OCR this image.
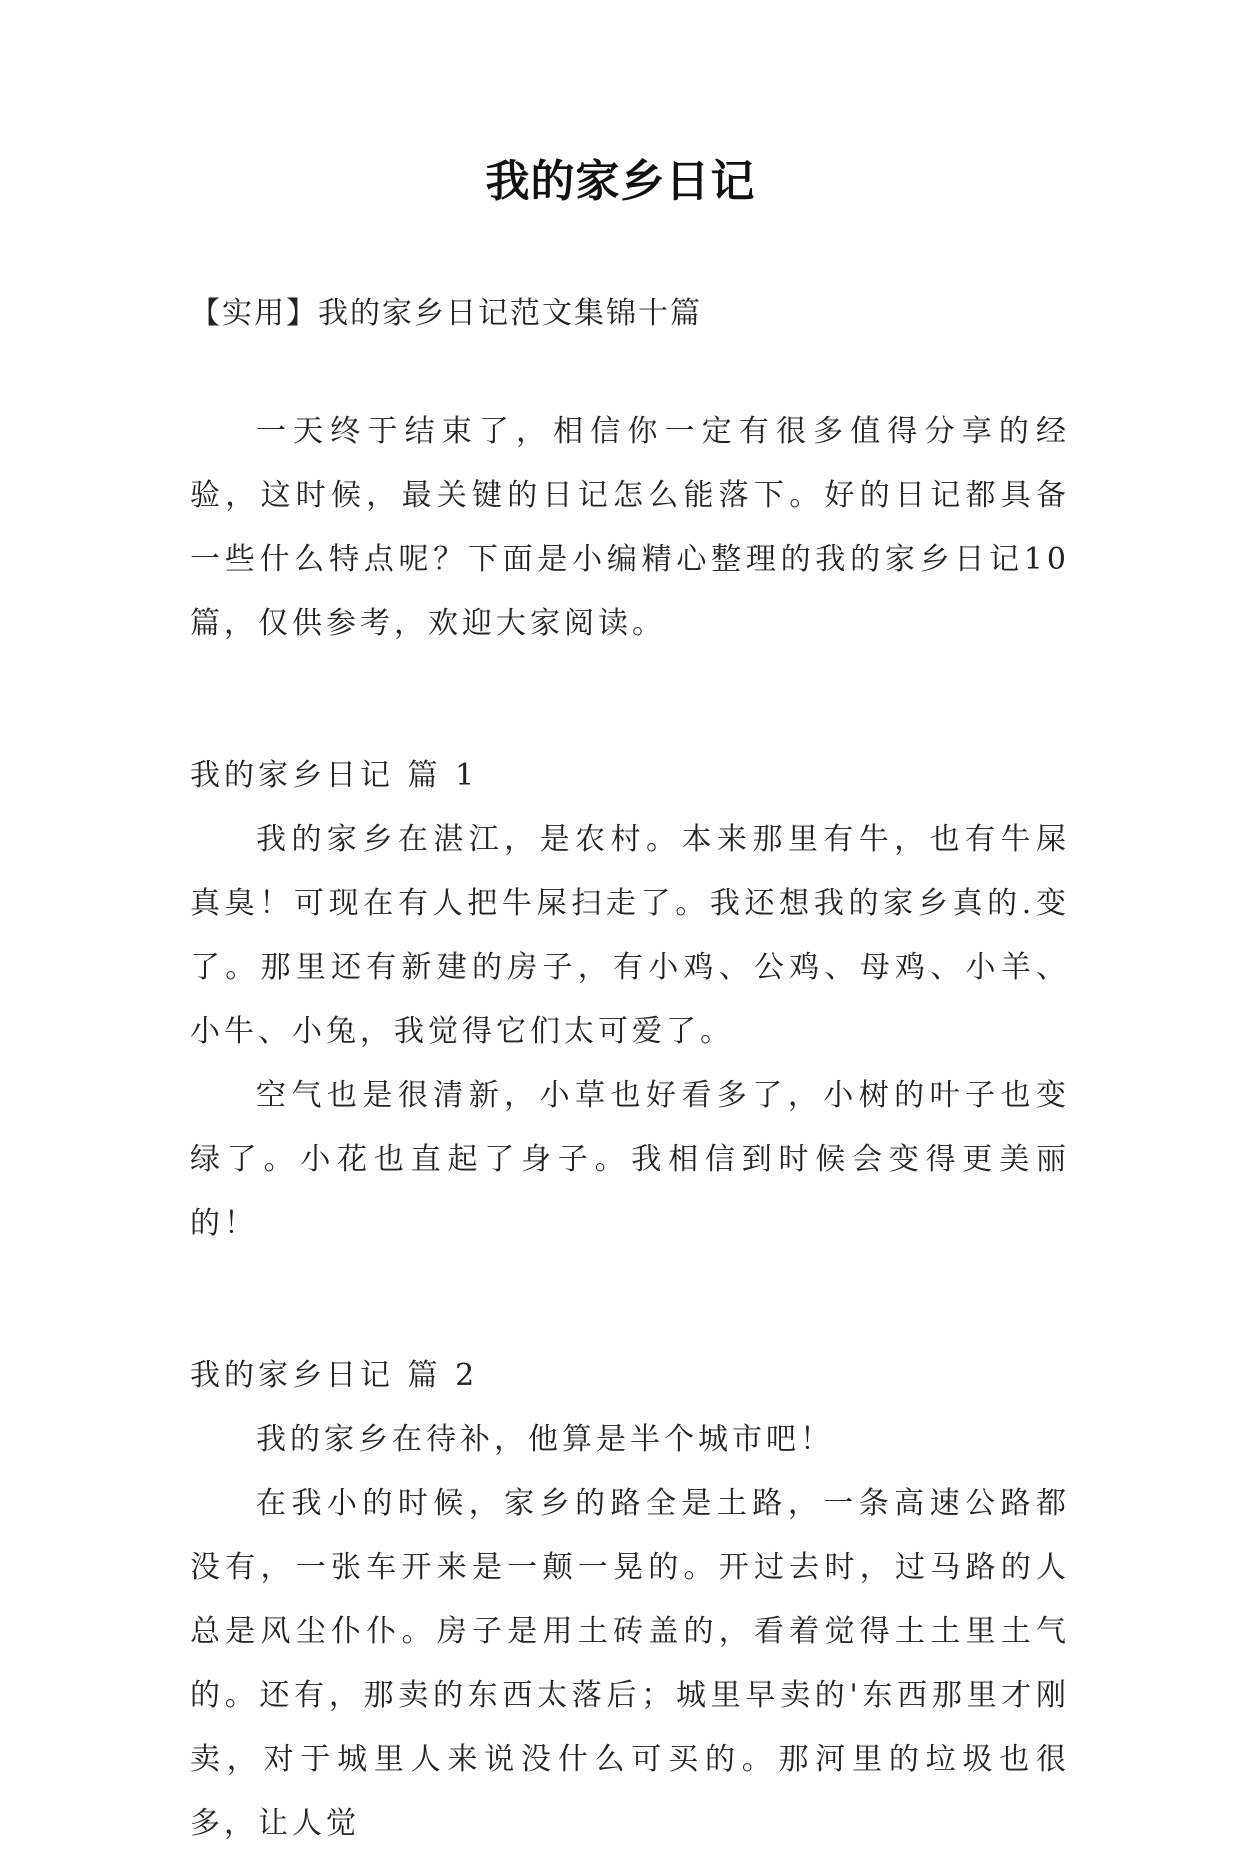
我的家乡日记
【实用】我的家乡日记范文集锦十篇

一天终于结束了，相信你一定有很多值得分享的经验，这时候，最关键的日记怎么能落下。好的日记都具备一些什么特点呢？下面是小编精心整理的我的家乡日记10篇，仅供参考，欢迎大家阅读。

我的家乡日记 篇 1

我的家乡在湛江，是农村。本来那里有牛，也有牛屎真臭！可现在有人把牛屎扫走了。我还想我的家乡真的.变了。那里还有新建的房子，有小鸡、公鸡、母鸡、小羊、小牛、小兔，我觉得它们太可爱了。

空气也是很清新，小草也好看多了，小树的叶子也变绿了。小花也直起了身子。我相信到时候会变得更美丽的！

我的家乡日记 篇 2

我的家乡在待补，他算是半个城市吧！

在我小的时候，家乡的路全是土路，一条高速公路都没有，一张车开来是一颠一晃的。开过去时，过马路的人总是风尘仆仆。房子是用土砖盖的，看着觉得土土里土气的。还有，那卖的东西太落后；城里早卖的'东西那里才刚卖，对于城里人来说没什么可买的。那河里的垃圾也很多，让人觉
